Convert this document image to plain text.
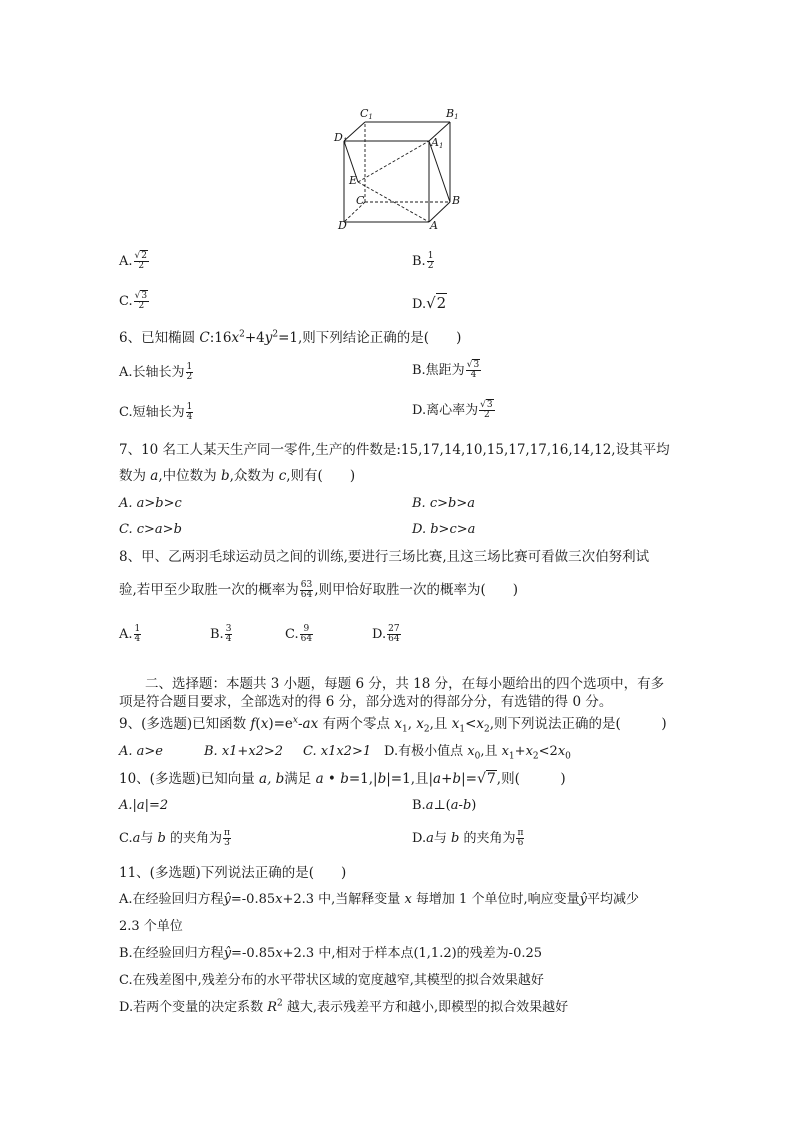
C1	B1
D1	A1
E
C	B
D	A
A. $\frac{√2}{2}$	B. $\frac{1}{2}$
C. $\frac{√3}{2}$	D.√2
6、已知椭圆 $C:16x^2+4y^2=1$,则下列结论正确的是(　　)
A.长轴长为 $\frac{1}{2}$	B.焦距为 $\frac{√3}{4}$
C.短轴长为 $\frac{1}{4}$	D.离心率为 $\frac{√3}{2}$
7、10 名工人某天生产同一零件,生产的件数是:15,17,14,10,15,17,17,16,14,12,设其平均
数为 a,中位数为 b,众数为 c,则有(　　)
A. a>b>c	B. c>b>a
C. c>a>b	D. b>c>a
8、甲、乙两羽毛球运动员之间的训练,要进行三场比赛,且这三场比赛可看做三次伯努利试
验,若甲至少取胜一次的概率为 $\frac{63}{64}$ ,则甲恰好取胜一次的概率为(　　)
A. $\frac{1}{4}$	B. $\frac{3}{4}$	C. $\frac{9}{64}$	D. $\frac{27}{64}$
二、选择题：本题共 3 小题，每题 6 分，共 18 分，在每小题给出的四个选项中，有多
项是符合题目要求，全部选对的得 6 分，部分选对的得部分分，有选错的得 0 分。
9、(多选题)已知函数 $f(x)=e^x-ax$ 有两个零点 $x_1$, $x_2$,且 $x_1<x_2$,则下列说法正确的是(　　　)
A. a>e	B. x1+x2>2 C. x1x2>1 D.有极小值点 $x_0$,且 $x_1+x_2<2x_0$
10、(多选题)已知向量 a, b满足 a • b=1,|b|=1,且|a+b|=√7,则(　　　)
A.|a|=2	B.a⊥(a-b)
C.a与 b 的夹角为 $\frac{\pi}{3}$	D.a与 b 的夹角为 $\frac{\pi}{6}$
11、(多选题)下列说法正确的是(　　)
A.在经验回归方程ŷ=-0.85x+2.3 中,当解释变量 x 每增加 1 个单位时,响应变量ŷ平均减少
2.3 个单位
B.在经验回归方程ŷ=-0.85x+2.3 中,相对于样本点(1,1.2)的残差为-0.25
C.在残差图中,残差分布的水平带状区域的宽度越窄,其模型的拟合效果越好
D.若两个变量的决定系数 $R^2$ 越大,表示残差平方和越小,即模型的拟合效果越好
